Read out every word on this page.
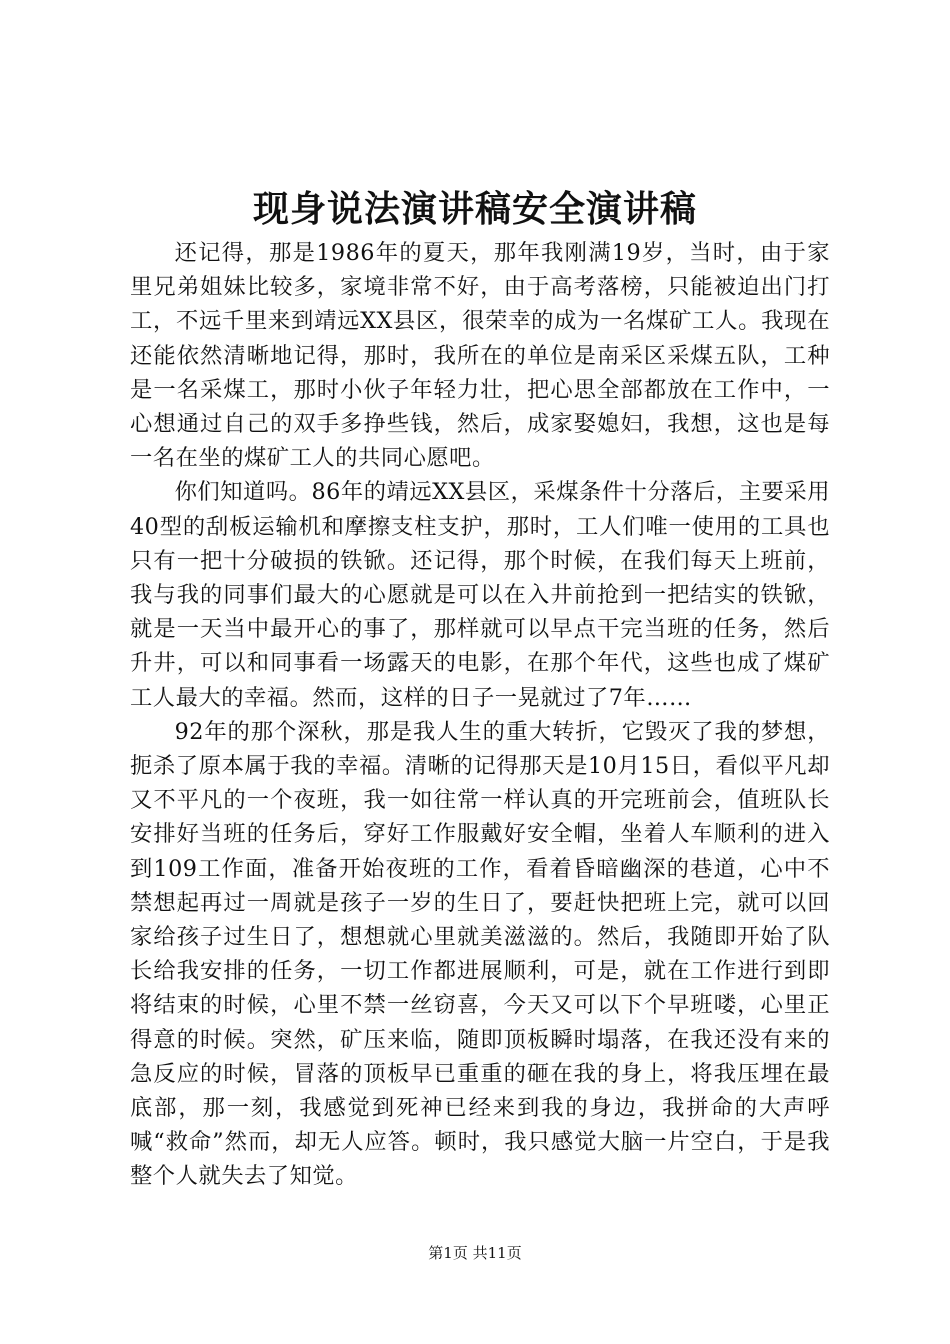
现身说法演讲稿安全演讲稿

还记得，那是1986年的夏天，那年我刚满19岁，当时，由于家里兄弟姐妹比较多，家境非常不好，由于高考落榜，只能被迫出门打工，不远千里来到靖远XX县区，很荣幸的成为一名煤矿工人。我现在还能依然清晰地记得，那时，我所在的单位是南采区采煤五队，工种是一名采煤工，那时小伙子年轻力壮，把心思全部都放在工作中，一心想通过自己的双手多挣些钱，然后，成家娶媳妇，我想，这也是每一名在坐的煤矿工人的共同心愿吧。

你们知道吗。86年的靖远XX县区，采煤条件十分落后，主要采用40型的刮板运输机和摩擦支柱支护，那时，工人们唯一使用的工具也只有一把十分破损的铁锨。还记得，那个时候，在我们每天上班前，我与我的同事们最大的心愿就是可以在入井前抢到一把结实的铁锨，就是一天当中最开心的事了，那样就可以早点干完当班的任务，然后升井，可以和同事看一场露天的电影，在那个年代，这些也成了煤矿工人最大的幸福。然而，这样的日子一晃就过了7年……

92年的那个深秋，那是我人生的重大转折，它毁灭了我的梦想，扼杀了原本属于我的幸福。清晰的记得那天是10月15日，看似平凡却又不平凡的一个夜班，我一如往常一样认真的开完班前会，值班队长安排好当班的任务后，穿好工作服戴好安全帽，坐着人车顺利的进入到109工作面，准备开始夜班的工作，看着昏暗幽深的巷道，心中不禁想起再过一周就是孩子一岁的生日了，要赶快把班上完，就可以回家给孩子过生日了，想想就心里就美滋滋的。然后，我随即开始了队长给我安排的任务，一切工作都进展顺利，可是，就在工作进行到即将结束的时候，心里不禁一丝窃喜，今天又可以下个早班喽，心里正得意的时候。突然，矿压来临，随即顶板瞬时塌落，在我还没有来的急反应的时候，冒落的顶板早已重重的砸在我的身上，将我压埋在最底部，那一刻，我感觉到死神已经来到我的身边，我拼命的大声呼喊“救命”然而，却无人应答。顿时，我只感觉大脑一片空白，于是我整个人就失去了知觉。

第1页 共11页
